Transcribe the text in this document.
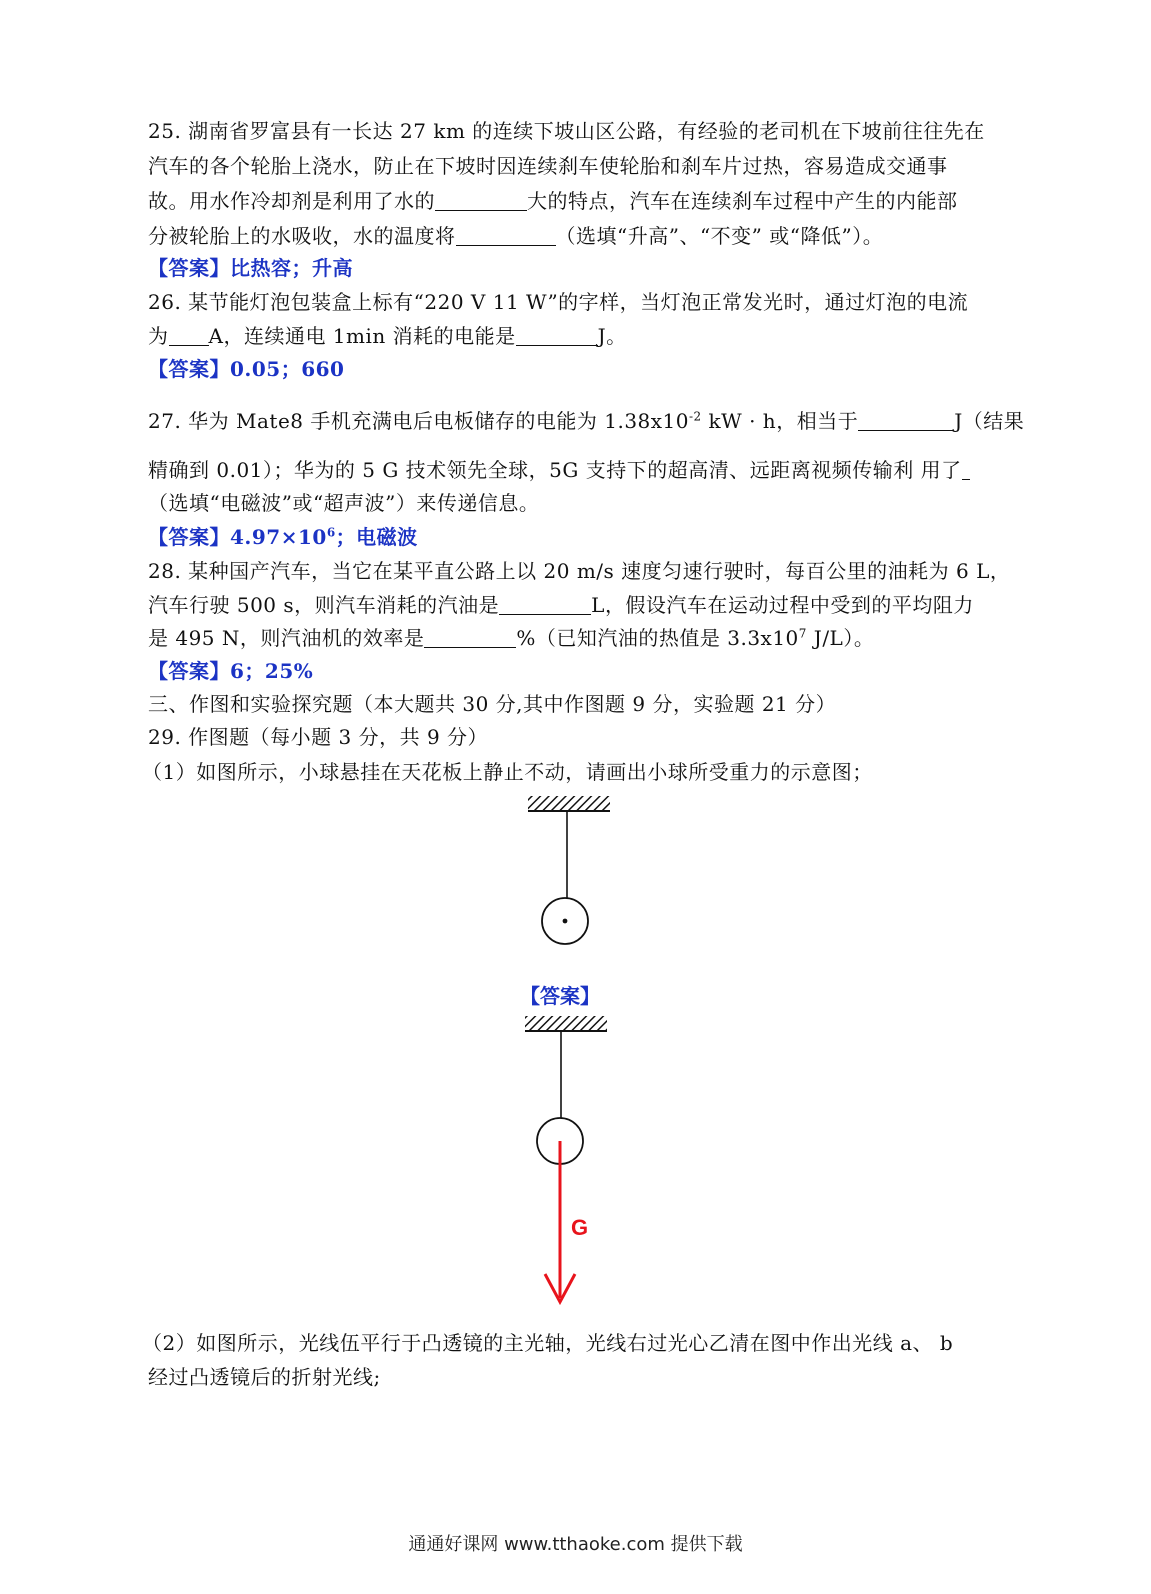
25. 湖南省罗富县有一长达 27 km 的连续下坡山区公路，有经验的老司机在下坡前往往先在
汽车的各个轮胎上浇水，防止在下坡时因连续刹车使轮胎和刹车片过热，容易造成交通事
故。用水作冷却剂是利用了水的	大的特点，汽车在连续刹车过程中产生的内能部
分被轮胎上的水吸收，水的温度将	（选填“升高”、“不变” 或“降低”）。
【答案】比热容；升高
26. 某节能灯泡包装盒上标有“220 V 11 W”的字样，当灯泡正常发光时，通过灯泡的电流
为 A，连续通电 1min 消耗的电能是	J。
【答案】0.05；660
27. 华为 Mate8 手机充满电后电板储存的电能为 $1.38x10^{-2}$ kW · h，相当于	J（结果
精确到 0.01）；华为的 5 G 技术领先全球，5G 支持下的超高清、远距离视频传输利 用了
（选填“电磁波”或“超声波”）来传递信息。
【答案】$4.97\times 10^6$；电磁波
28. 某种国产汽车，当它在某平直公路上以 20 m/s 速度匀速行驶时，每百公里的油耗为 6 L，
汽车行驶 500 s，则汽车消耗的汽油是	L，假设汽车在运动过程中受到的平均阻力
是 495 N，则汽油机的效率是	%（已知汽油的热值是 $3.3x10^7$ J/L）。
【答案】6；25%
三、作图和实验探究题（本大题共 30 分,其中作图题 9 分，实验题 21 分）
29. 作图题（每小题 3 分，共 9 分）
（1）如图所示，小球悬挂在天花板上静止不动，请画出小球所受重力的示意图；
【答案】
G
（2）如图所示，光线伍平行于凸透镜的主光轴，光线右过光心乙清在图中作出光线 a、 b
经过凸透镜后的折射光线;
通通好课网 www.tthaoke.com 提供下载
